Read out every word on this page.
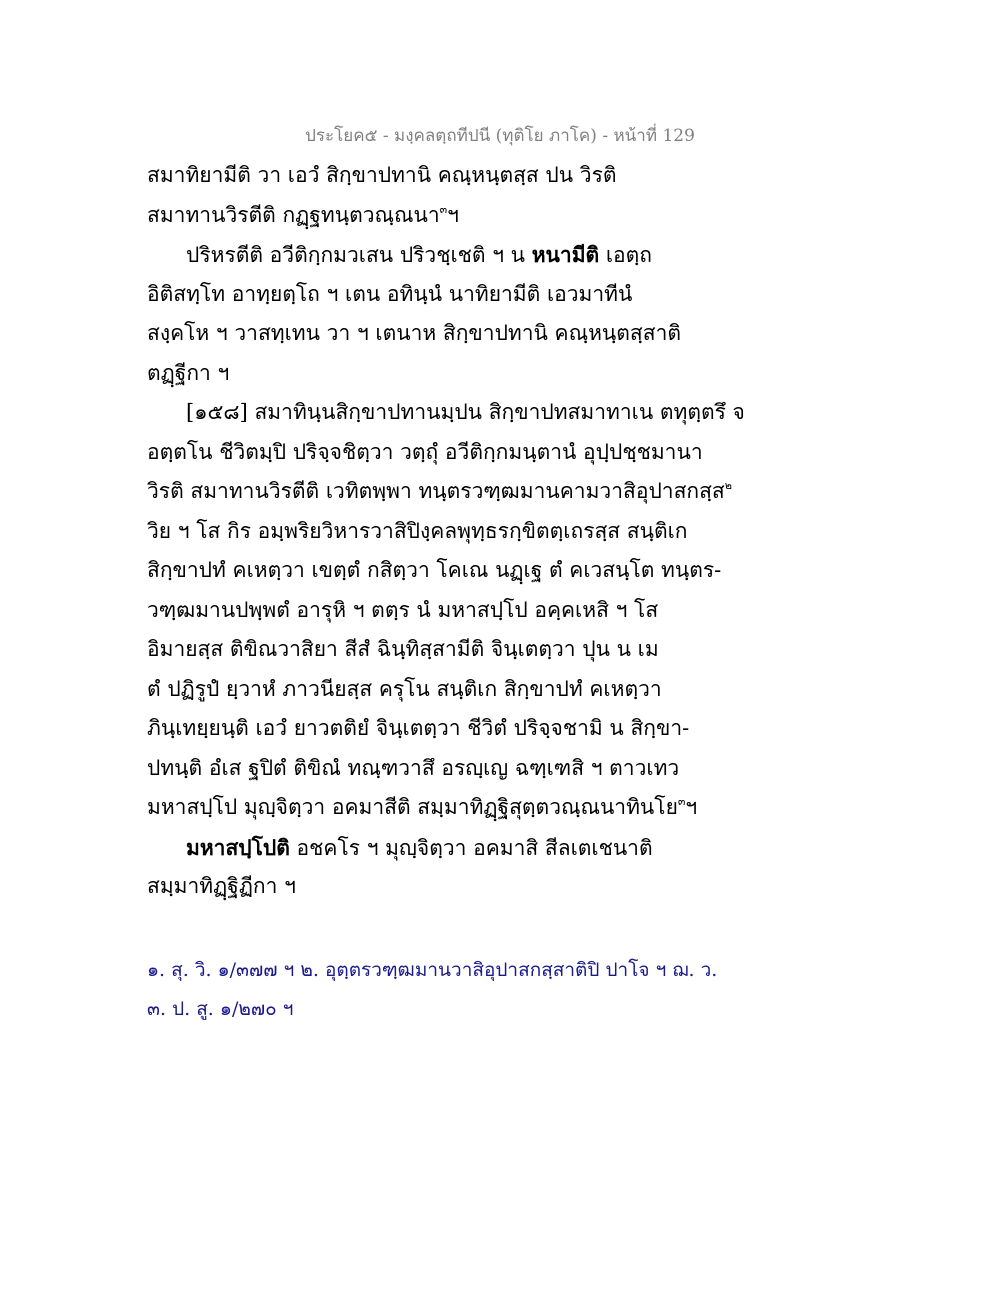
ประโยค๕ - มงฺคลตฺถทีปนี (ทุติโย ภาโค) - หน้าที่ 129
สมาทิยามีติ วา เอวํ สิกฺขาปทานิ คณฺหนฺตสฺส ปน วิรติ
สมาทานวิรตีติ กฏฺฐทนฺตวณฺณนา$^๓$ฯ
ปริหรตีติ อวีติกฺกมวเสน ปริวชฺเชติ ฯ น หนามีติ เอตฺถ
อิติสทฺโท อาทฺยตฺโถ ฯ เตน อทินฺนํ นาทิยามีติ เอวมาทีนํ
สงฺคโห ฯ วาสทฺเทน วา ฯ เตนาห สิกฺขาปทานิ คณฺหนฺตสฺสาติ
ตฏฺฐีกา ฯ
[๑๕๘] สมาทินฺนสิกฺขาปทานมฺปน สิกฺขาปทสมาทาเน ตทุตฺตรึ จ
อตฺตโน ชีวิตมฺปิ ปริจฺจชิตฺวา วตฺถุํ อวีติกฺกมนฺตานํ อุปฺปชฺชมานา
วิรติ สมาทานวิรตีติ เวทิตพฺพา ทนฺตรวฑฺฒมานคามวาสิอุปาสกสฺส$^๒$
วิย ฯ โส กิร อมฺพริยวิหารวาสิปิงฺคลพุทฺธรกฺขิตตฺเถรสฺส สนฺติเก
สิกฺขาปทํ คเหตฺวา เขตฺตํ กสิตฺวา โคเณ นฏฺเฐ ตํ คเวสนฺโต ทนฺตร-
วฑฺฒมานปพฺพตํ อารุหิ ฯ ตตฺร นํ มหาสปฺโป อคฺคเหสิ ฯ โส
อิมายสฺส ติขิณวาสิยา สีสํ ฉินฺทิสฺสามีติ จินฺเตตฺวา ปุน น เม
ตํ ปฏิรูปํ ยฺวาหํ ภาวนียสฺส ครุโน สนฺติเก สิกฺขาปทํ คเหตฺวา
ภินฺเทยฺยนฺติ เอวํ ยาวตติยํ จินฺเตตฺวา ชีวิตํ ปริจฺจชามิ น สิกฺขา-
ปทนฺติ อํเส ฐปิตํ ติขิณํ ทณฺฑวาสึ อรญฺเญ ฉฑฺเฑสิ ฯ ตาวเทว
มหาสปฺโป มุญฺจิตฺวา อคมาสีติ สมฺมาทิฏฺฐิสุตฺตวณฺณนาทินโย$^๓$ฯ
มหาสปฺโปติ อชคโร ฯ มุญฺจิตฺวา อคมาสิ สีลเตเชนาติ
สมฺมาทิฏฺฐิฏีกา ฯ
๑. สุ. วิ. ๑/๓๗๗ ฯ ๒. อุตฺตรวฑฺฒมานวาสิอุปาสกสฺสาติปิ ปาโจ ฯ ฌ. ว.
๓. ป. สู. ๑/๒๗๐ ฯ
